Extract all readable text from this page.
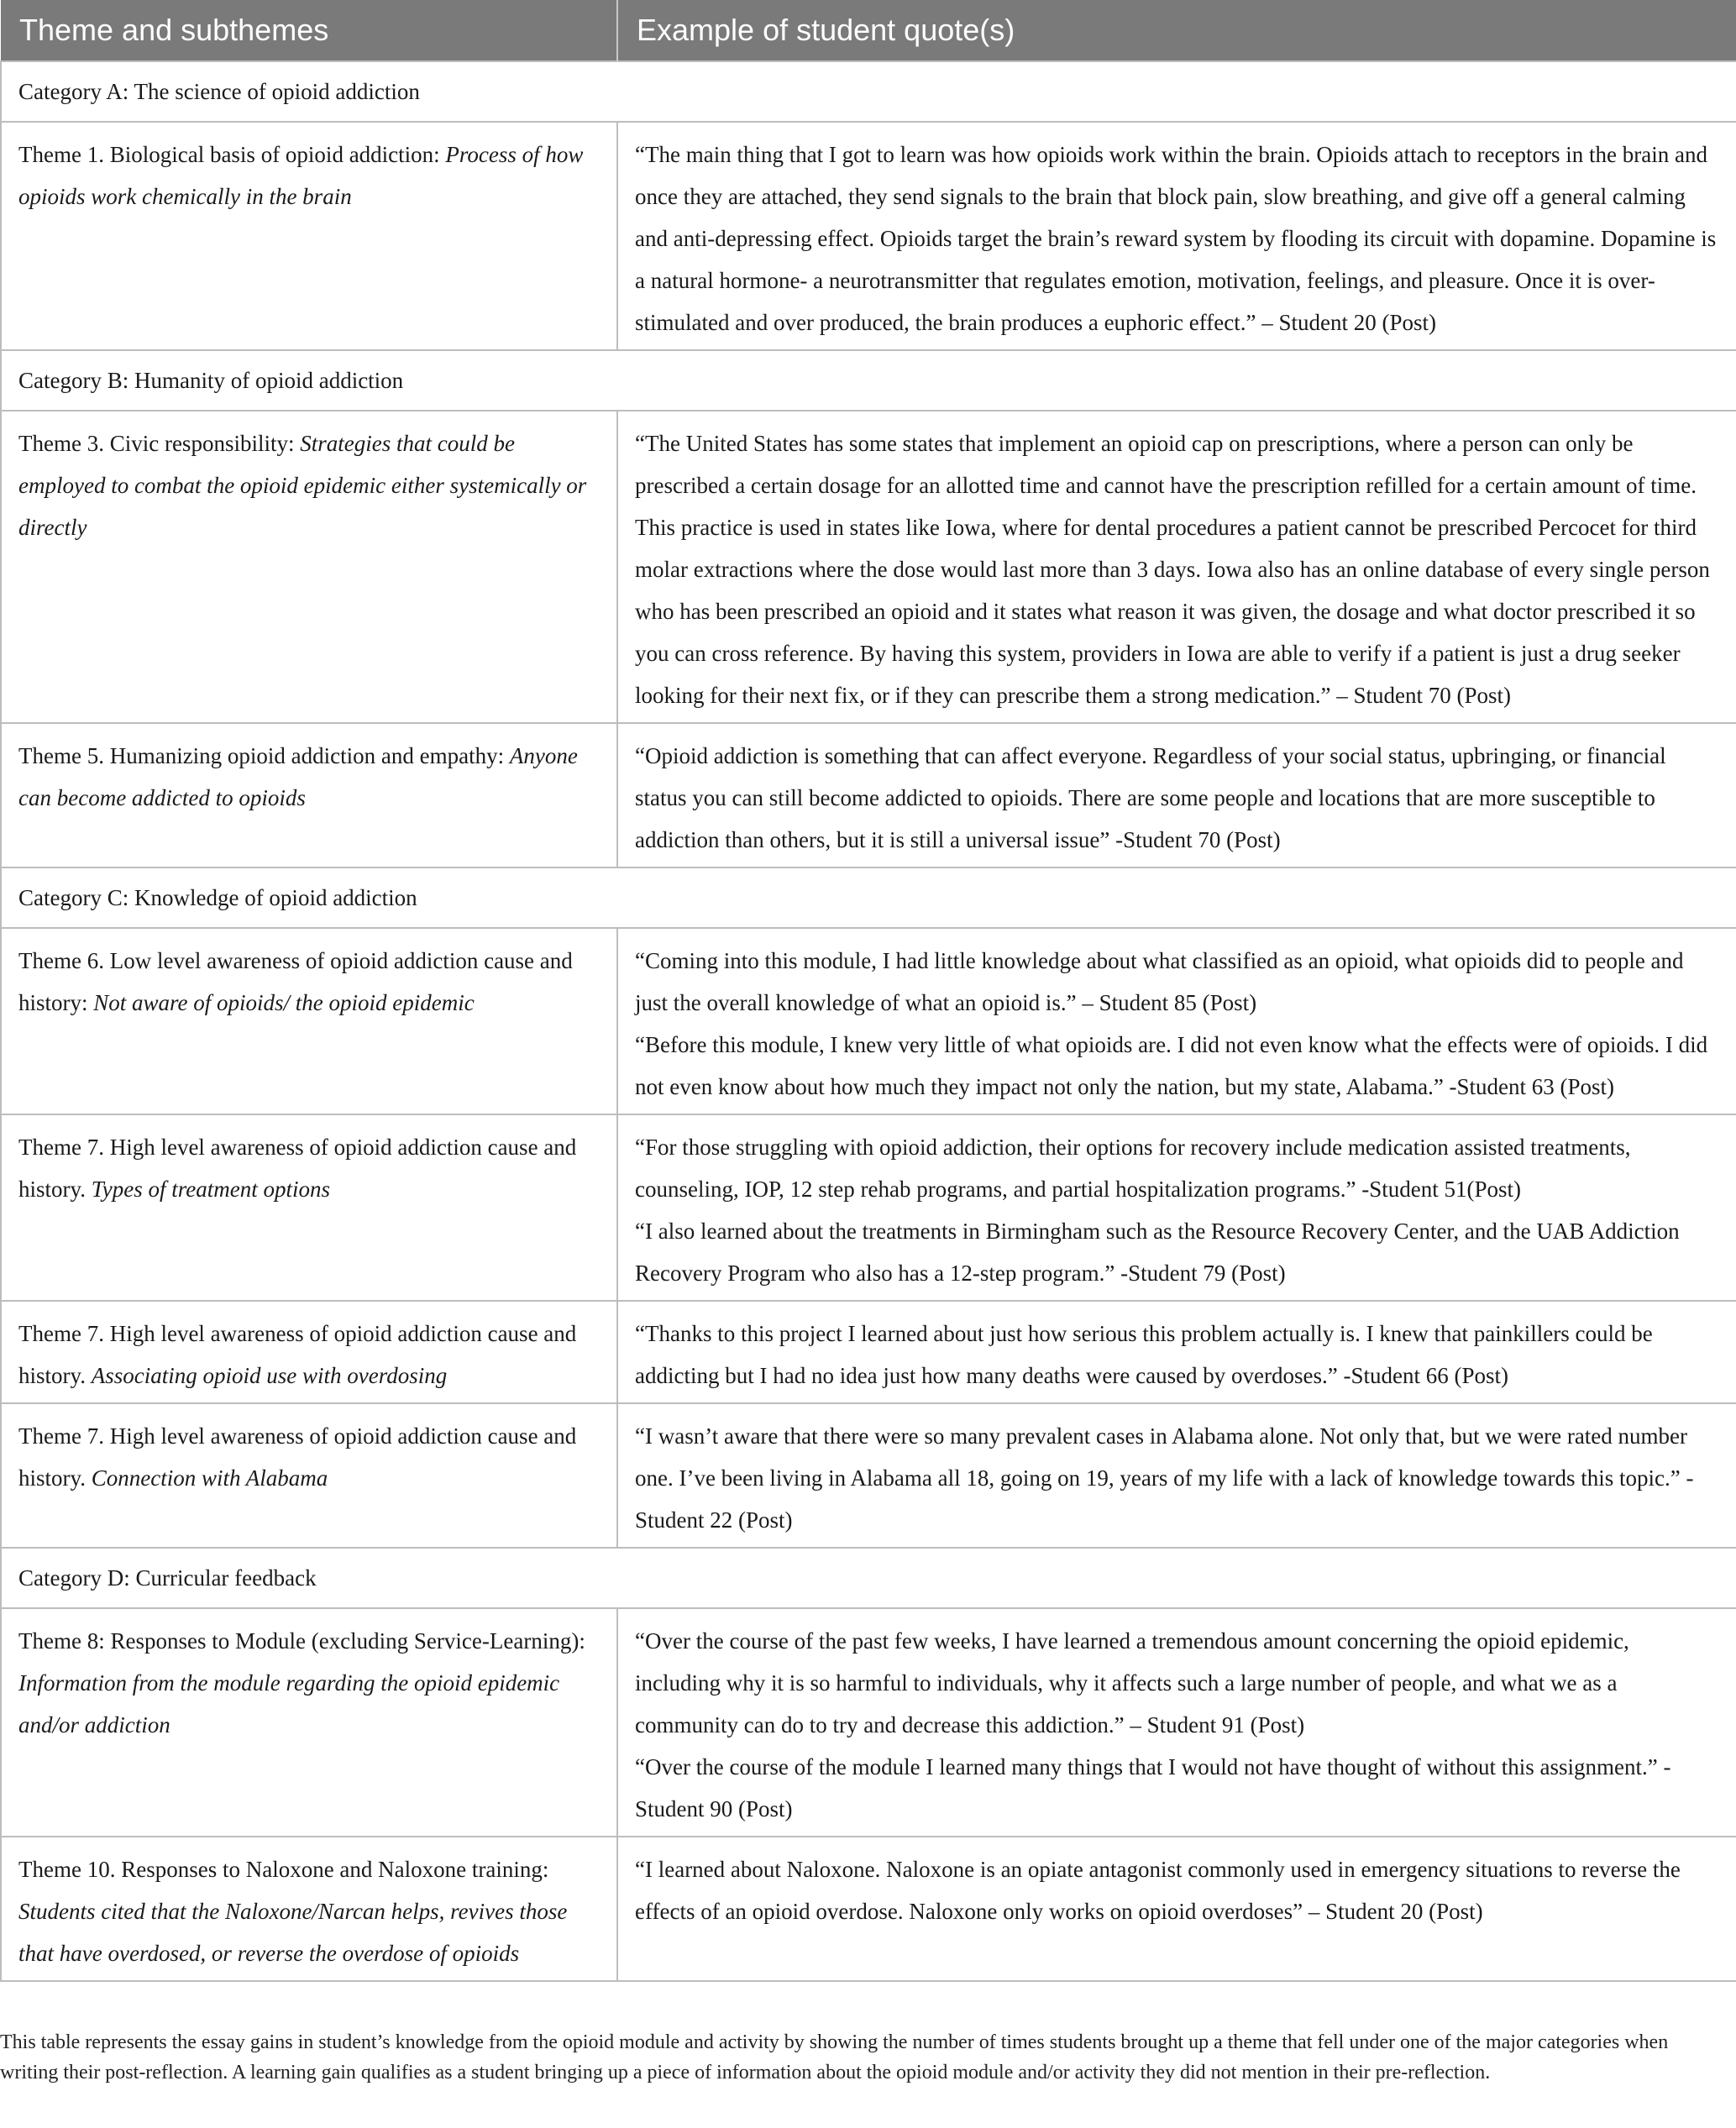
Theme and subthemes	Example of student quote(s)
Category A: The science of opioid addiction	
Theme 1. Biological basis of opioid addiction: Process of how opioids work chemically in the brain	“The main thing that I got to learn was how opioids work within the brain. Opioids attach to receptors in the brain and once they are attached, they send signals to the brain that block pain, slow breathing, and give off a general calming and anti-depressing effect. Opioids target the brain’s reward system by flooding its circuit with dopamine. Dopamine is a natural hormone- a neurotransmitter that regulates emotion, motivation, feelings, and pleasure. Once it is over-stimulated and over produced, the brain produces a euphoric effect.” – Student 20 (Post)

Category B: Humanity of opioid addiction	
Theme 3. Civic responsibility: Strategies that could be employed to combat the opioid epidemic either systemically or directly	“The United States has some states that implement an opioid cap on prescriptions, where a person can only be prescribed a certain dosage for an allotted time and cannot have the prescription refilled for a certain amount of time. This practice is used in states like Iowa, where for dental procedures a patient cannot be prescribed Percocet for third molar extractions where the dose would last more than 3 days. Iowa also has an online database of every single person who has been prescribed an opioid and it states what reason it was given, the dosage and what doctor prescribed it so you can cross reference. By having this system, providers in Iowa are able to verify if a patient is just a drug seeker looking for their next fix, or if they can prescribe them a strong medication.” – Student 70 (Post)

Theme 5. Humanizing opioid addiction and empathy: Anyone can become addicted to opioids	“Opioid addiction is something that can affect everyone. Regardless of your social status, upbringing, or financial status you can still become addicted to opioids. There are some people and locations that are more susceptible to addiction than others, but it is still a universal issue” -Student 70 (Post)

Category C: Knowledge of opioid addiction	
Theme 6. Low level awareness of opioid addiction cause and history: Not aware of opioids/ the opioid epidemic	“Coming into this module, I had little knowledge about what classified as an opioid, what opioids did to people and just the overall knowledge of what an opioid is.” – Student 85 (Post)
“Before this module, I knew very little of what opioids are. I did not even know what the effects were of opioids. I did not even know about how much they impact not only the nation, but my state, Alabama.” -Student 63 (Post)

Theme 7. High level awareness of opioid addiction cause and history. Types of treatment options	“For those struggling with opioid addiction, their options for recovery include medication assisted treatments, counseling, IOP, 12 step rehab programs, and partial hospitalization programs.” -Student 51(Post)
“I also learned about the treatments in Birmingham such as the Resource Recovery Center, and the UAB Addiction Recovery Program who also has a 12-step program.” -Student 79 (Post)

Theme 7. High level awareness of opioid addiction cause and history. Associating opioid use with overdosing	“Thanks to this project I learned about just how serious this problem actually is. I knew that painkillers could be addicting but I had no idea just how many deaths were caused by overdoses.” -Student 66 (Post)

Theme 7. High level awareness of opioid addiction cause and history. Connection with Alabama	“I wasn’t aware that there were so many prevalent cases in Alabama alone. Not only that, but we were rated number one. I’ve been living in Alabama all 18, going on 19, years of my life with a lack of knowledge towards this topic.” -Student 22 (Post)

Category D: Curricular feedback	
Theme 8: Responses to Module (excluding Service-Learning): Information from the module regarding the opioid epidemic and/or addiction	“Over the course of the past few weeks, I have learned a tremendous amount concerning the opioid epidemic, including why it is so harmful to individuals, why it affects such a large number of people, and what we as a community can do to try and decrease this addiction.” – Student 91 (Post)
“Over the course of the module I learned many things that I would not have thought of without this assignment.” -Student 90 (Post)

Theme 10. Responses to Naloxone and Naloxone training: Students cited that the Naloxone/Narcan helps, revives those that have overdosed, or reverse the overdose of opioids	“I learned about Naloxone. Naloxone is an opiate antagonist commonly used in emergency situations to reverse the effects of an opioid overdose. Naloxone only works on opioid overdoses” – Student 20 (Post)
This table represents the essay gains in student’s knowledge from the opioid module and activity by showing the number of times students brought up a theme that fell under one of the major categories when writing their post-reflection. A learning gain qualifies as a student bringing up a piece of information about the opioid module and/or activity they did not mention in their pre-reflection.
